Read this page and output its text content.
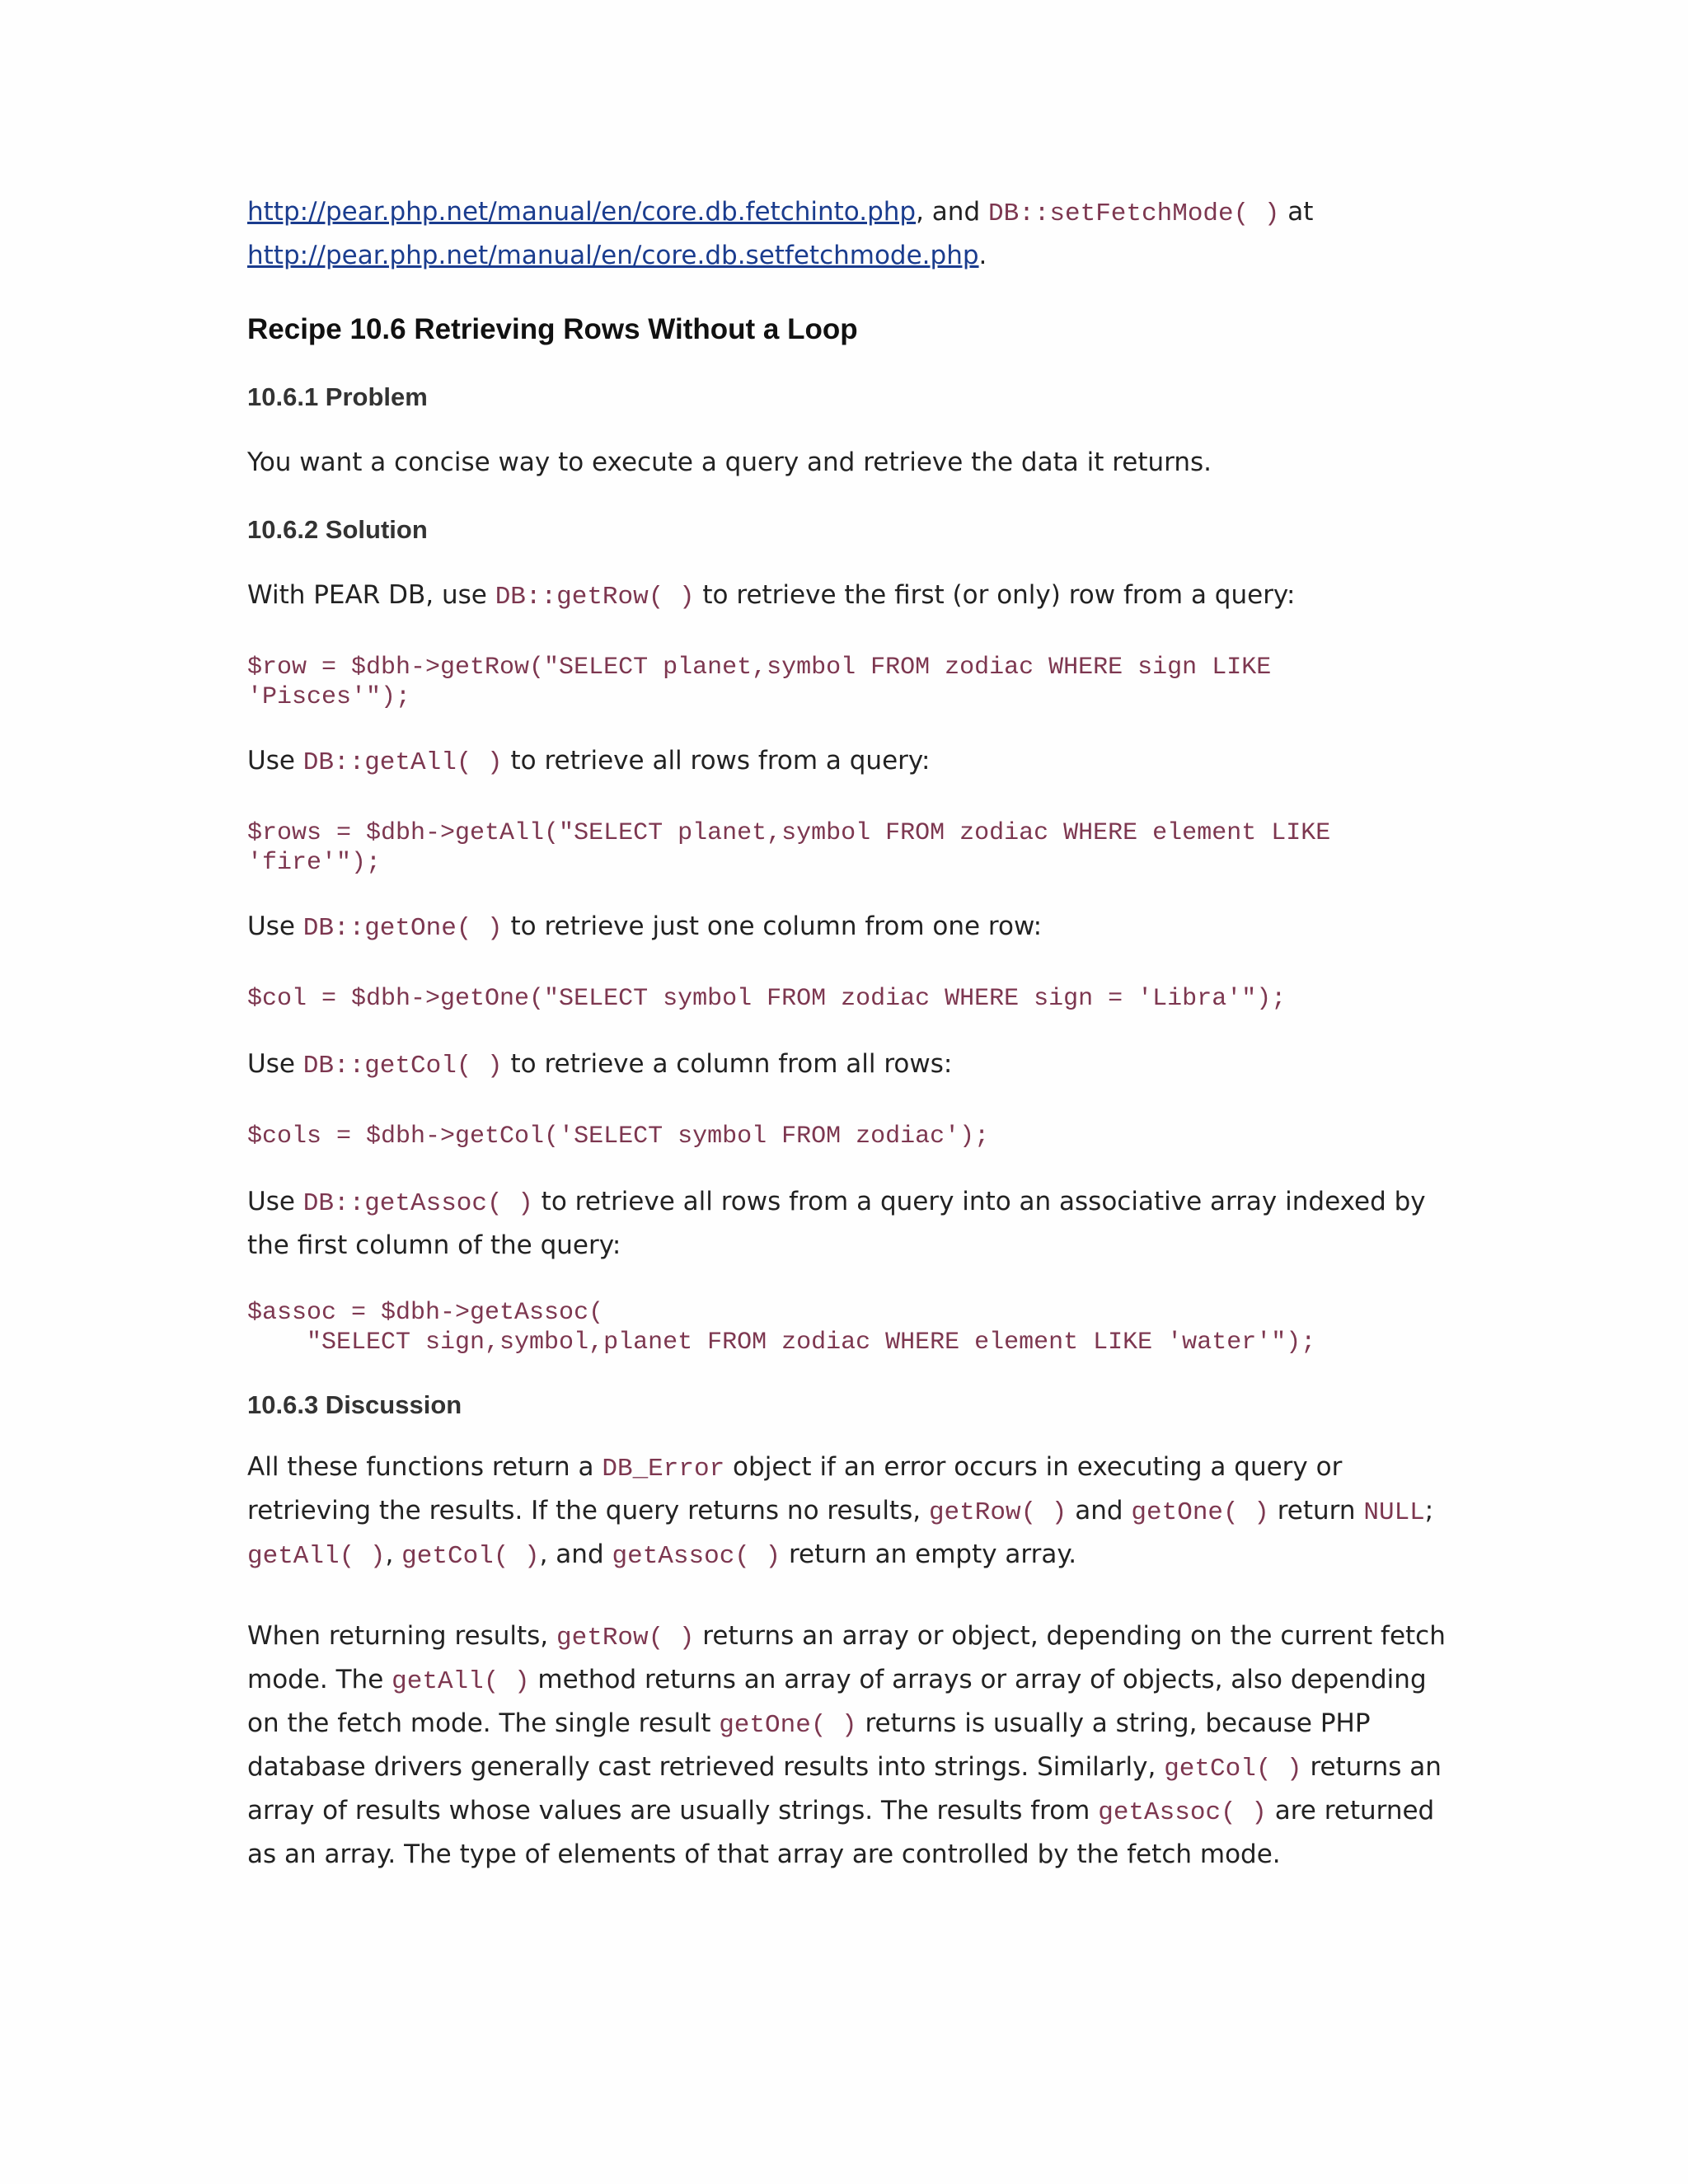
http://pear.php.net/manual/en/core.db.fetchinto.php, and DB::setFetchMode( ) at
http://pear.php.net/manual/en/core.db.setfetchmode.php.

Recipe 10.6 Retrieving Rows Without a Loop

10.6.1 Problem

You want a concise way to execute a query and retrieve the data it returns.

10.6.2 Solution

With PEAR DB, use DB::getRow( ) to retrieve the first (or only) row from a query:

$row = $dbh->getRow("SELECT planet,symbol FROM zodiac WHERE sign LIKE
'Pisces'");

Use DB::getAll( ) to retrieve all rows from a query:

$rows = $dbh->getAll("SELECT planet,symbol FROM zodiac WHERE element LIKE
'fire'");

Use DB::getOne( ) to retrieve just one column from one row:

$col = $dbh->getOne("SELECT symbol FROM zodiac WHERE sign = 'Libra'");

Use DB::getCol( ) to retrieve a column from all rows:

$cols = $dbh->getCol('SELECT symbol FROM zodiac');

Use DB::getAssoc( ) to retrieve all rows from a query into an associative array indexed by the first column of the query:

$assoc = $dbh->getAssoc(
"SELECT sign,symbol,planet FROM zodiac WHERE element LIKE 'water'");

10.6.3 Discussion

All these functions return a DB_Error object if an error occurs in executing a query or retrieving the results. If the query returns no results, getRow( ) and getOne( ) return NULL; getAll( ), getCol( ), and getAssoc( ) return an empty array.

When returning results, getRow( ) returns an array or object, depending on the current fetch mode. The getAll( ) method returns an array of arrays or array of objects, also depending on the fetch mode. The single result getOne( ) returns is usually a string, because PHP database drivers generally cast retrieved results into strings. Similarly, getCol( ) returns an array of results whose values are usually strings. The results from getAssoc( ) are returned as an array. The type of elements of that array are controlled by the fetch mode.
